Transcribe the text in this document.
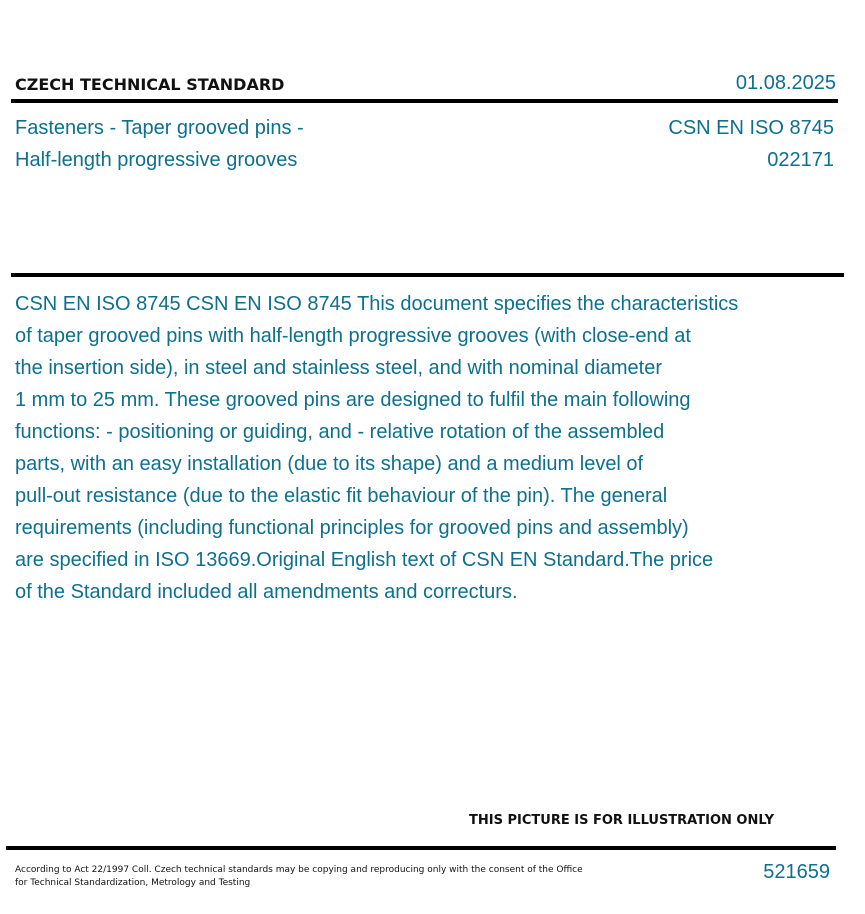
CZECH TECHNICAL STANDARD	01.08.2025
Fasteners - Taper grooved pins -
Half-length progressive grooves
CSN EN ISO 8745
022171
CSN EN ISO 8745 CSN EN ISO 8745 This document specifies the characteristics
of taper grooved pins with half-length progressive grooves (with close-end at
the insertion side), in steel and stainless steel, and with nominal diameter
1 mm to 25 mm. These grooved pins are designed to fulfil the main following
functions: - positioning or guiding, and - relative rotation of the assembled
parts, with an easy installation (due to its shape) and a medium level of
pull-out resistance (due to the elastic fit behaviour of the pin). The general
requirements (including functional principles for grooved pins and assembly)
are specified in ISO 13669.Original English text of CSN EN Standard.The price
of the Standard included all amendments and correcturs.
THIS PICTURE IS FOR ILLUSTRATION ONLY
According to Act 22/1997 Coll. Czech technical standards may be copying and reproducing only with the consent of the Office
for Technical Standardization, Metrology and Testing	521659
